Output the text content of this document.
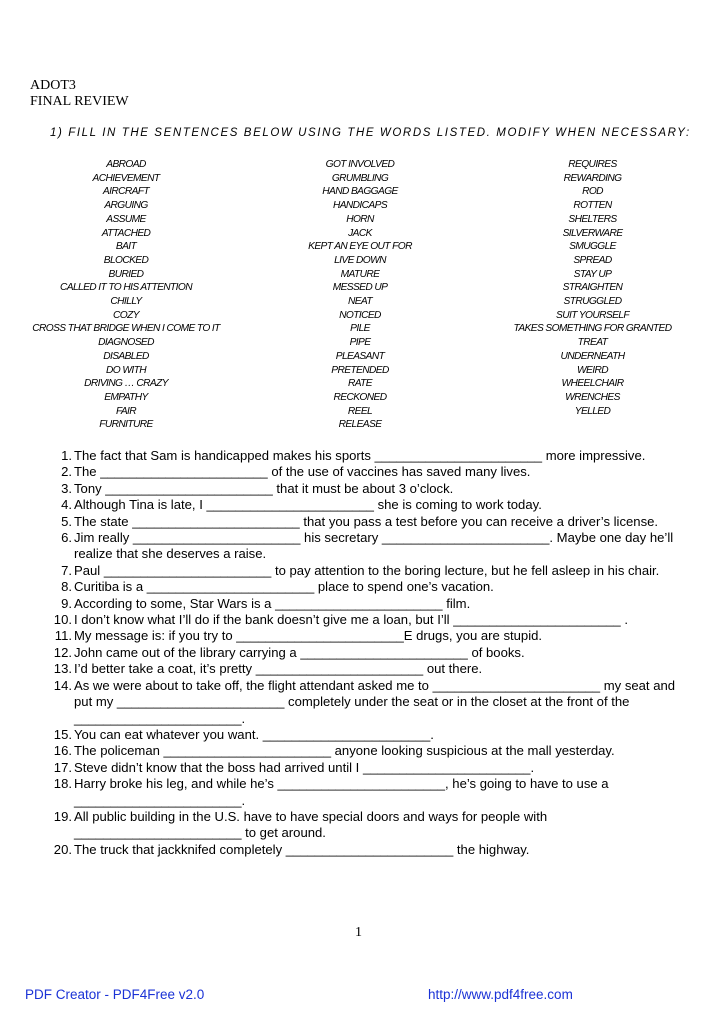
ADOT3
FINAL REVIEW
1) FILL IN THE SENTENCES BELOW USING THE WORDS LISTED. MODIFY WHEN NECESSARY:
ABROAD
ACHIEVEMENT
AIRCRAFT
ARGUING
ASSUME
ATTACHED
BAIT
BLOCKED
BURIED
CALLED IT TO HIS ATTENTION
CHILLY
COZY
CROSS THAT BRIDGE WHEN I COME TO IT
DIAGNOSED
DISABLED
DO WITH
DRIVING … CRAZY
EMPATHY
FAIR
FURNITURE
GOT INVOLVED
GRUMBLING
HAND BAGGAGE
HANDICAPS
HORN
JACK
KEPT AN EYE OUT FOR
LIVE DOWN
MATURE
MESSED UP
NEAT
NOTICED
PILE
PIPE
PLEASANT
PRETENDED
RATE
RECKONED
REEL
RELEASE
REQUIRES
REWARDING
ROD
ROTTEN
SHELTERS
SILVERWARE
SMUGGLE
SPREAD
STAY UP
STRAIGHTEN
STRUGGLED
SUIT YOURSELF
TAKES SOMETHING FOR GRANTED
TREAT
UNDERNEATH
WEIRD
WHEELCHAIR
WRENCHES
YELLED
1. The fact that Sam is handicapped makes his sports _______________________ more impressive.
2. The _______________________ of the use of vaccines has saved many lives.
3. Tony _______________________ that it must be about 3 o’clock.
4. Although Tina is late, I _______________________ she is coming to work today.
5. The state _______________________ that you pass a test before you can receive a driver’s license.
6. Jim really _______________________ his secretary _______________________. Maybe one day he’ll realize that she deserves a raise.
7. Paul _______________________ to pay attention to the boring lecture, but he fell asleep in his chair.
8. Curitiba is a _______________________ place to spend one’s vacation.
9. According to some, Star Wars is a _______________________ film.
10. I don’t know what I’ll do if the bank doesn’t give me a loan, but I’ll _______________________ .
11. My message is: if you try to _______________________E drugs, you are stupid.
12. John came out of the library carrying a _______________________ of books.
13. I’d better take a coat, it’s pretty _______________________ out there.
14. As we were about to take off, the flight attendant asked me to _______________________ my seat and put my _______________________ completely under the seat or in the closet at the front of the _______________________.
15. You can eat whatever you want. _______________________.
16. The policeman _______________________ anyone looking suspicious at the mall yesterday.
17. Steve didn’t know that the boss had arrived until I _______________________.
18. Harry broke his leg, and while he’s _______________________, he’s going to have to use a _______________________.
19. All public building in the U.S. have to have special doors and ways for people with _______________________ to get around.
20. The truck that jackknifed completely _______________________ the highway.
1
PDF Creator - PDF4Free v2.0	http://www.pdf4free.com
